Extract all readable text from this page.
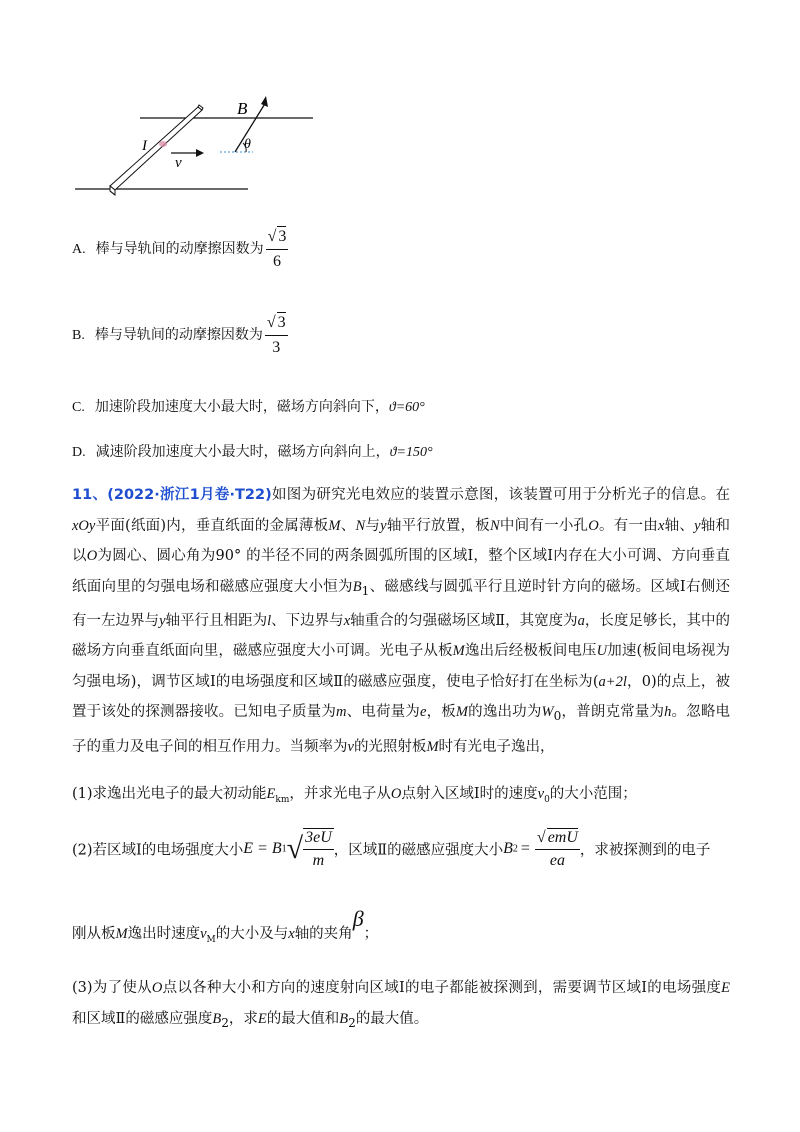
B
θ
I
v
A. 棒与导轨间的动摩擦因数为 $\frac{√ 3}{6}$
B. 棒与导轨间的动摩擦因数为 $\frac{√ 3}{3}$
C. 加速阶段加速度大小最大时，磁场方向斜向下，ϑ=60°
D. 减速阶段加速度大小最大时，磁场方向斜向上，ϑ=150°
11、(2022·浙江1月卷·T22)如图为研究光电效应的装置示意图，该装置可用于分析光子的信息。在xOy平面(纸面)内，垂直纸面的金属薄板M、N与y轴平行放置，板N中间有一小孔O。有一由x轴、y轴和以O为圆心、圆心角为90° 的半径不同的两条圆弧所围的区域Ⅰ，整个区域Ⅰ内存在大小可调、方向垂直纸面向里的匀强电场和磁感应强度大小恒为$B_1$、磁感线与圆弧平行且逆时针方向的磁场。区域Ⅰ右侧还有一左边界与y轴平行且相距为l、下边界与x轴重合的匀强磁场区域Ⅱ，其宽度为a，长度足够长，其中的磁场方向垂直纸面向里，磁感应强度大小可调。光电子从板M逸出后经极板间电压U加速(板间电场视为匀强电场)，调节区域Ⅰ的电场强度和区域Ⅱ的磁感应强度，使电子恰好打在坐标为(a+2l，0)的点上，被置于该处的探测器接收。已知电子质量为m、电荷量为e，板M的逸出功为$W_0$，普朗克常量为h。忽略电子的重力及电子间的相互作用力。当频率为ν的光照射板M时有光电子逸出，
(1)求逸出光电子的最大初动能$E_{km}$，并求光电子从O点射入区域Ⅰ时的速度$v_0$的大小范围；
(2)若区域Ⅰ的电场强度大小$E = B1√ \frac{3eU}{m}$ ，区域Ⅱ的磁感应强度大小$B2 = \frac{\text{√ emU}}{ea}$ ，求被探测到的电子
刚从板M逸出时速度$v_M$的大小及与x轴的夹角β；
(3)为了使从O点以各种大小和方向的速度射向区域Ⅰ的电子都能被探测到，需要调节区域Ⅰ的电场强度E和区域Ⅱ的磁感应强度$B_2$，求E的最大值和$B_2$的最大值。
